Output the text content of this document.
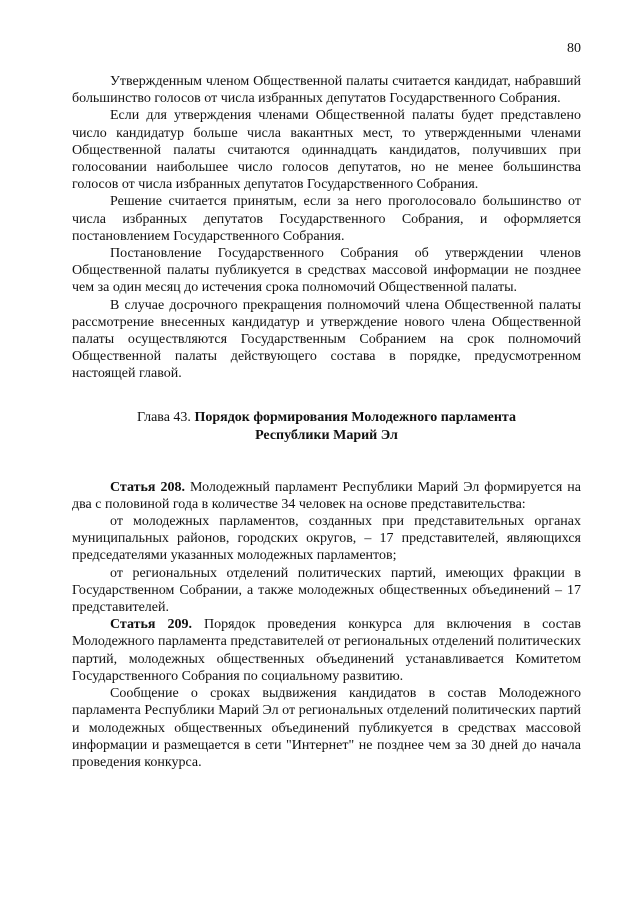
80

Утвержденным членом Общественной палаты считается кандидат, набравший большинство голосов от числа избранных депутатов Государственного Собрания.

Если для утверждения членами Общественной палаты будет представлено число кандидатур больше числа вакантных мест, то утвержденными членами Общественной палаты считаются одиннадцать кандидатов, получивших при голосовании наибольшее число голосов депутатов, но не менее большинства голосов от числа избранных депутатов Государственного Собрания.

Решение считается принятым, если за него проголосовало большинство от числа избранных депутатов Государственного Собрания, и оформляется постановлением Государственного Собрания.

Постановление Государственного Собрания об утверждении членов Общественной палаты публикуется в средствах массовой информации не позднее чем за один месяц до истечения срока полномочий Общественной палаты.

В случае досрочного прекращения полномочий члена Общественной палаты рассмотрение внесенных кандидатур и утверждение нового члена Общественной палаты осуществляются Государственным Собранием на срок полномочий Общественной палаты действующего состава в порядке, предусмотренном настоящей главой.

Глава 43. Порядок формирования Молодежного парламента
Республики Марий Эл

Статья 208. Молодежный парламент Республики Марий Эл формируется на два с половиной года в количестве 34 человек на основе представительства:

от молодежных парламентов, созданных при представительных органах муниципальных районов, городских округов, – 17 представителей, являющихся председателями указанных молодежных парламентов;

от региональных отделений политических партий, имеющих фракции в Государственном Собрании, а также молодежных общественных объединений – 17 представителей.

Статья 209. Порядок проведения конкурса для включения в состав Молодежного парламента представителей от региональных отделений политических партий, молодежных общественных объединений устанавливается Комитетом Государственного Собрания по социальному развитию.

Сообщение о сроках выдвижения кандидатов в состав Молодежного парламента Республики Марий Эл от региональных отделений политических партий и молодежных общественных объединений публикуется в средствах массовой информации и размещается в сети "Интернет" не позднее чем за 30 дней до начала проведения конкурса.
